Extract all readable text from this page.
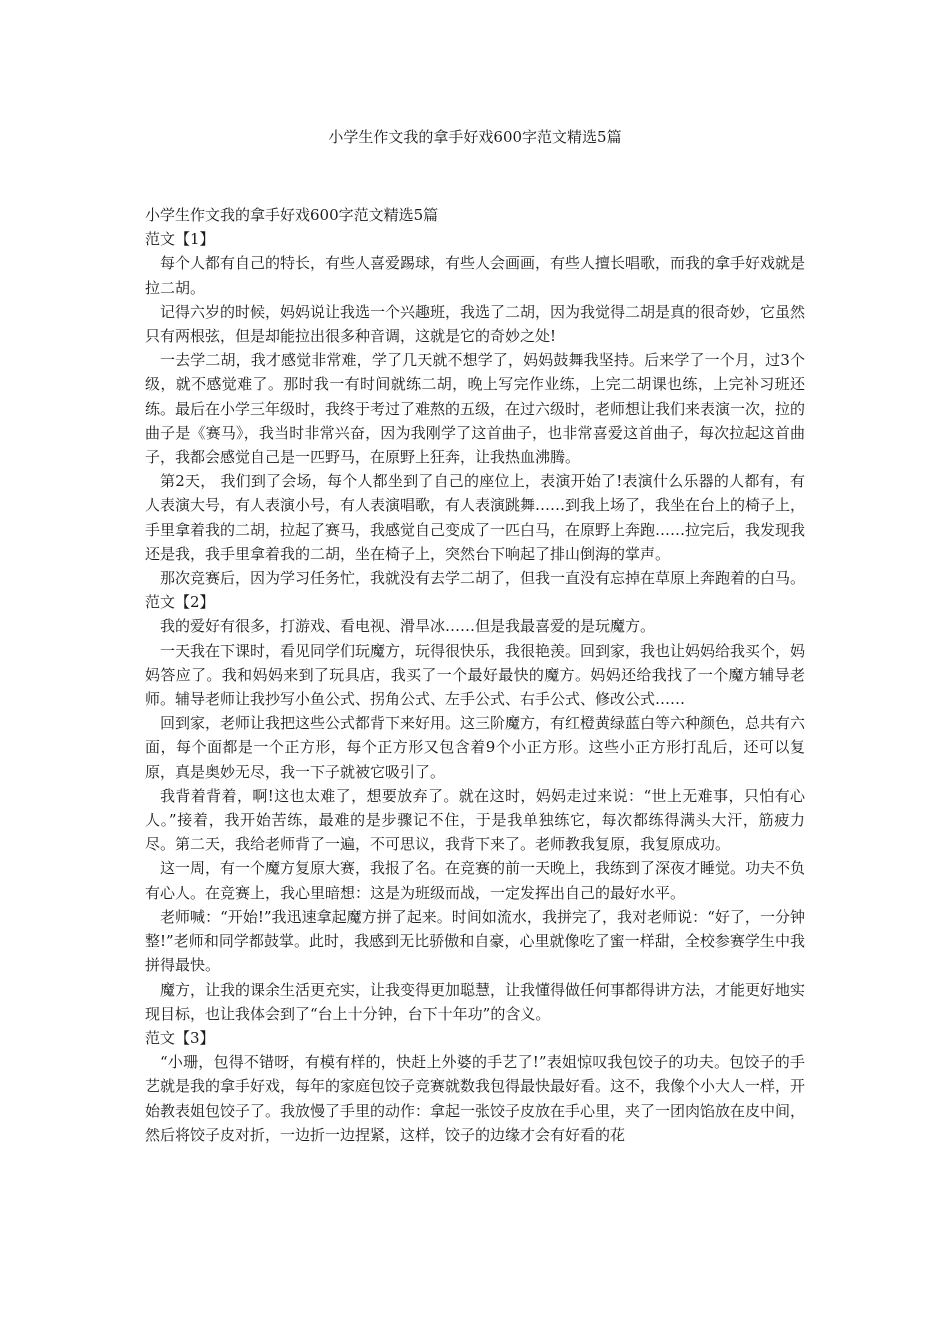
小学生作文我的拿手好戏600字范文精选5篇

小学生作文我的拿手好戏600字范文精选5篇

范文【1】

每个人都有自己的特长，有些人喜爱踢球，有些人会画画，有些人擅长唱歌，而我的拿手好戏就是拉二胡。

记得六岁的时候，妈妈说让我选一个兴趣班，我选了二胡，因为我觉得二胡是真的很奇妙，它虽然只有两根弦，但是却能拉出很多种音调，这就是它的奇妙之处!

一去学二胡，我才感觉非常难，学了几天就不想学了，妈妈鼓舞我坚持。后来学了一个月，过3个级，就不感觉难了。那时我一有时间就练二胡，晚上写完作业练，上完二胡课也练，上完补习班还练。最后在小学三年级时，我终于考过了难熬的五级，在过六级时，老师想让我们来表演一次，拉的曲子是《赛马》，我当时非常兴奋，因为我刚学了这首曲子，也非常喜爱这首曲子，每次拉起这首曲子，我都会感觉自己是一匹野马，在原野上狂奔，让我热血沸腾。

第2天， 我们到了会场，每个人都坐到了自己的座位上，表演开始了!表演什么乐器的人都有，有人表演大号，有人表演小号，有人表演唱歌，有人表演跳舞……到我上场了，我坐在台上的椅子上，手里拿着我的二胡，拉起了赛马，我感觉自己变成了一匹白马，在原野上奔跑……拉完后，我发现我还是我，我手里拿着我的二胡，坐在椅子上，突然台下响起了排山倒海的掌声。

那次竞赛后，因为学习任务忙，我就没有去学二胡了，但我一直没有忘掉在草原上奔跑着的白马。

范文【2】

我的爱好有很多，打游戏、看电视、滑旱冰……但是我最喜爱的是玩魔方。

一天我在下课时，看见同学们玩魔方，玩得很快乐，我很艳羡。回到家，我也让妈妈给我买个，妈妈答应了。我和妈妈来到了玩具店，我买了一个最好最快的魔方。妈妈还给我找了一个魔方辅导老师。辅导老师让我抄写小鱼公式、拐角公式、左手公式、右手公式、修改公式……

回到家，老师让我把这些公式都背下来好用。这三阶魔方，有红橙黄绿蓝白等六种颜色，总共有六面，每个面都是一个正方形，每个正方形又包含着9个小正方形。这些小正方形打乱后，还可以复原，真是奥妙无尽，我一下子就被它吸引了。

我背着背着，啊!这也太难了，想要放弃了。就在这时，妈妈走过来说：“世上无难事，只怕有心人。”接着，我开始苦练，最难的是步骤记不住，于是我单独练它，每次都练得满头大汗，筋疲力尽。第二天，我给老师背了一遍，不可思议，我背下来了。老师教我复原，我复原成功。

这一周，有一个魔方复原大赛，我报了名。在竞赛的前一天晚上，我练到了深夜才睡觉。功夫不负有心人。在竞赛上，我心里暗想：这是为班级而战，一定发挥出自己的最好水平。

老师喊：“开始!”我迅速拿起魔方拼了起来。时间如流水，我拼完了，我对老师说：“好了，一分钟整!”老师和同学都鼓掌。此时，我感到无比骄傲和自豪，心里就像吃了蜜一样甜，全校参赛学生中我拼得最快。

魔方，让我的课余生活更充实，让我变得更加聪慧，让我懂得做任何事都得讲方法，才能更好地实现目标，也让我体会到了“台上十分钟，台下十年功”的含义。

范文【3】

“小珊，包得不错呀，有模有样的，快赶上外婆的手艺了!”表姐惊叹我包饺子的功夫。包饺子的手艺就是我的拿手好戏，每年的家庭包饺子竞赛就数我包得最快最好看。这不，我像个小大人一样，开始教表姐包饺子了。我放慢了手里的动作：拿起一张饺子皮放在手心里，夹了一团肉馅放在皮中间，然后将饺子皮对折，一边折一边捏紧，这样，饺子的边缘才会有好看的花
